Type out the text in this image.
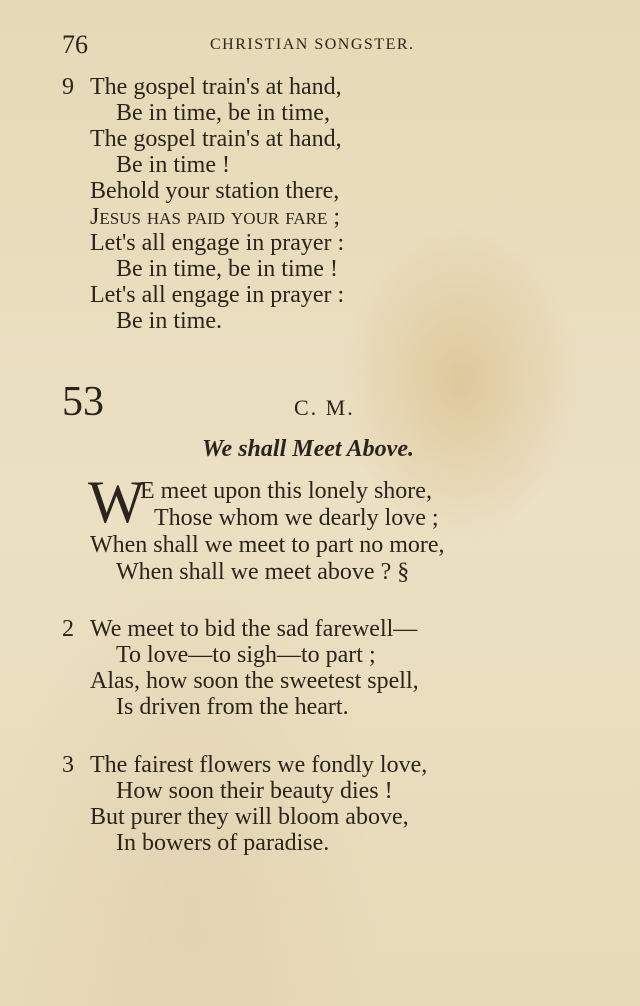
76	CHRISTIAN SONGSTER.
9 The gospel train's at hand,
Be in time, be in time,
The gospel train's at hand,
Be in time !
Behold your station there,
Jesus has paid your fare ;
Let's all engage in prayer :
Be in time, be in time !
Let's all engage in prayer :
Be in time.
53	C. M.
We shall Meet Above.
W
E meet upon this lonely shore,
Those whom we dearly love ;
When shall we meet to part no more,
When shall we meet above ? §
2 We meet to bid the sad farewell—
To love—to sigh—to part ;
Alas, how soon the sweetest spell,
Is driven from the heart.
3 The fairest flowers we fondly love,
How soon their beauty dies !
But purer they will bloom above,
In bowers of paradise.
